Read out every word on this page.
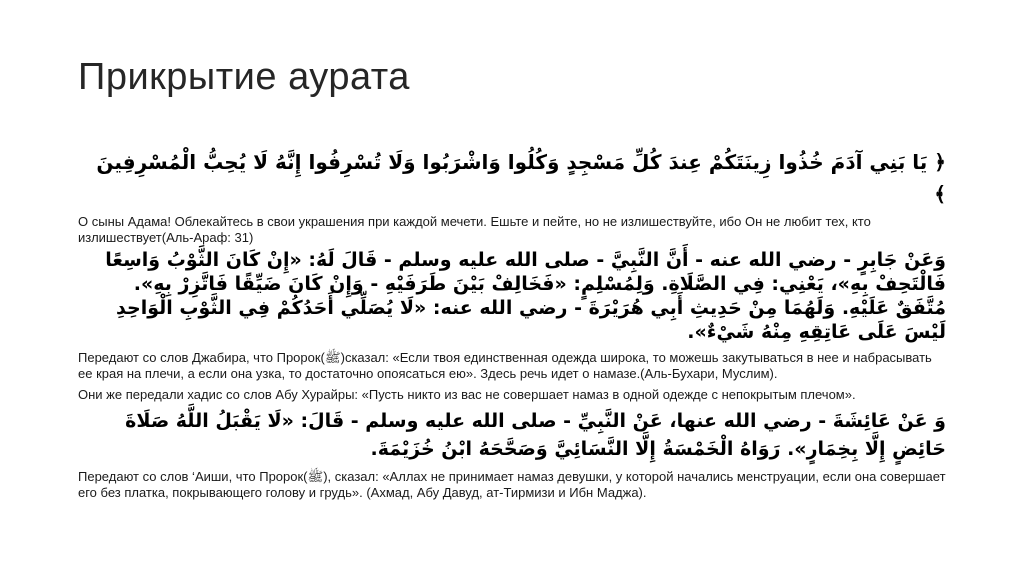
Прикрытие аурата

﴿ يَا بَنِي آدَمَ خُذُوا زِينَتَكُمْ عِندَ كُلِّ مَسْجِدٍ وَكُلُوا وَاشْرَبُوا وَلَا تُسْرِفُوا إِنَّهُ لَا يُحِبُّ الْمُسْرِفِينَ ﴾

О сыны Адама! Облекайтесь в свои украшения при каждой мечети. Ешьте и пейте, но не излишествуйте, ибо Он не любит тех, кто излишествует(Аль-Араф: 31)

وَعَنْ جَابِرٍ - رضي الله عنه - أَنَّ النَّبِيَّ - صلى الله عليه وسلم - قَالَ لَهُ: «إِنْ كَانَ الثَّوْبُ وَاسِعًا فَالْتَحِفْ بِهِ»، يَعْنِي: فِي الصَّلَاةِ. وَلِمُسْلِمٍ: «فَخَالِفْ بَيْنَ طَرَفَيْهِ - وَإِنْ كَانَ ضَيِّقًا فَاتَّزِرْ بِهِ». مُتَّفَقٌ عَلَيْهِ. وَلَهُمَا مِنْ حَدِيثِ أَبِي هُرَيْرَةَ - رضي الله عنه: «لَا يُصَلِّي أَحَدُكُمْ فِي الثَّوْبِ الْوَاحِدِ لَيْسَ عَلَى عَاتِقِهِ مِنْهُ شَيْءٌ».

Передают со слов Джабира, что Пророк(ﷺ)сказал: «Если твоя единственная одежда широка, то можешь закутываться в нее и набрасывать ее края на плечи, а если она узка, то достаточно опоясаться ею». Здесь речь идет о намазе.(Аль-Бухари, Муслим).

Они же передали хадис со слов Абу Хурайры: «Пусть никто из вас не совершает намаз в одной одежде с непокрытым плечом».

وَ عَنْ عَائِشَةَ - رضي الله عنها، عَنْ النَّبِيِّ - صلى الله عليه وسلم - قَالَ: «لَا يَقْبَلُ اللَّهُ صَلَاةَ حَائِضٍ إِلَّا بِخِمَارٍ». رَوَاهُ الْخَمْسَةُ إِلَّا النَّسَائِيَّ وَصَحَّحَهُ ابْنُ خُزَيْمَةَ.

Передают со слов ‘Аиши, что Пророк(ﷺ), сказал: «Аллах не принимает намаз девушки, у которой начались менструации, если она совершает его без платка, покрывающего голову и грудь». (Ахмад, Абу Давуд, ат-Тирмизи и Ибн Маджа).
